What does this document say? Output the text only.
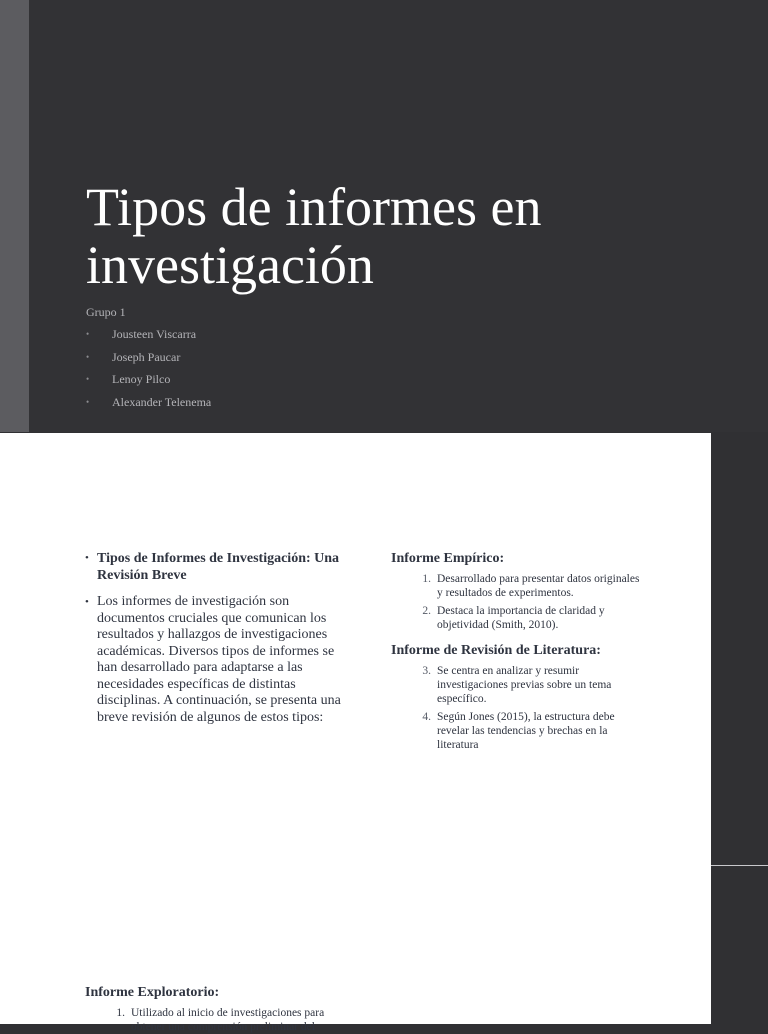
Tipos de informes en investigación
Grupo 1
•	Jousteen Viscarra
•	Joseph Paucar
•	Lenoy Pilco
•	Alexander Telenema
• Tipos de Informes de Investigación: Una Revisión Breve
• Los informes de investigación son documentos cruciales que comunican los resultados y hallazgos de investigaciones académicas. Diversos tipos de informes se han desarrollado para adaptarse a las necesidades específicas de distintas disciplinas. A continuación, se presenta una breve revisión de algunos de estos tipos:
Informe Empírico:
1. Desarrollado para presentar datos originales y resultados de experimentos.
2. Destaca la importancia de claridad y objetividad (Smith, 2010).
Informe de Revisión de Literatura:
3. Se centra en analizar y resumir investigaciones previas sobre un tema específico.
4. Según Jones (2015), la estructura debe revelar las tendencias y brechas en la literatura
Informe Exploratorio:
1. Utilizado al inicio de investigaciones para obtener una comprensión preliminar del
